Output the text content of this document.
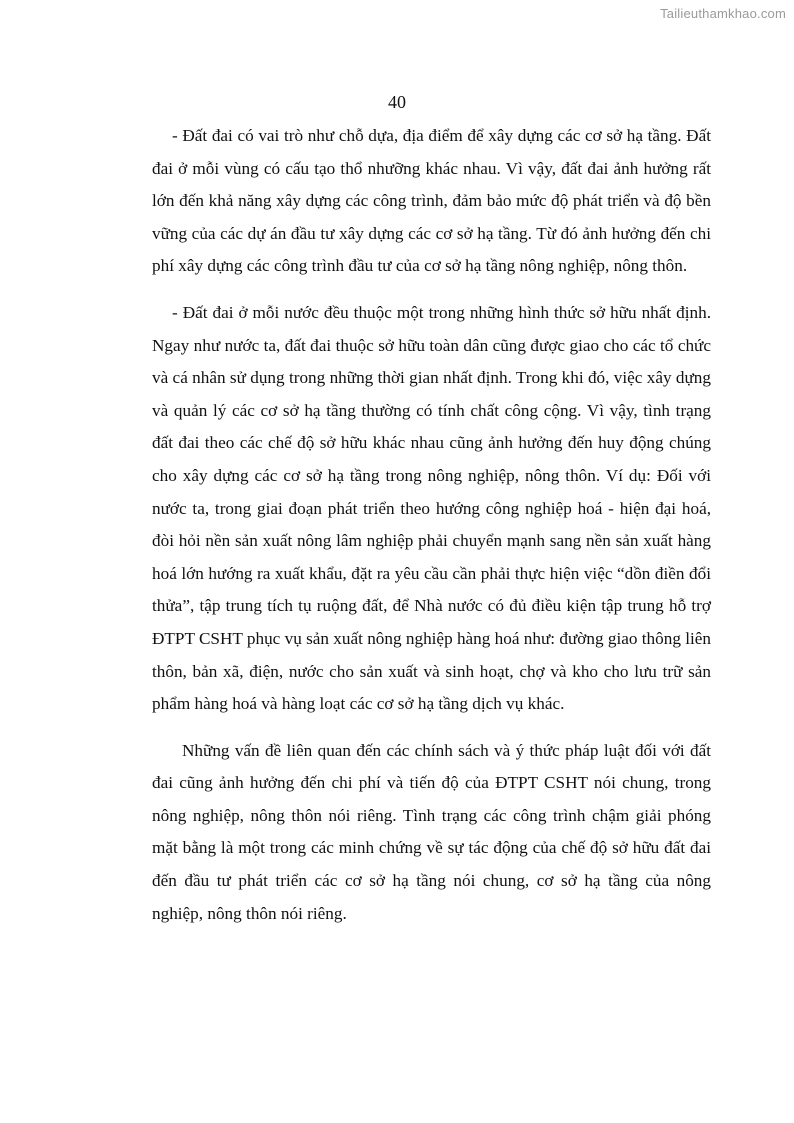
Tailieuthamkhao.com
40

- Đất đai có vai trò như chỗ dựa, địa điểm để xây dựng các cơ sở hạ tầng. Đất đai ở mỗi vùng có cấu tạo thổ nhưỡng khác nhau. Vì vậy, đất đai ảnh hưởng rất lớn đến khả năng xây dựng các công trình, đảm bảo mức độ phát triển và độ bền vững của các dự án đầu tư xây dựng các cơ sở hạ tầng. Từ đó ảnh hưởng đến chi phí xây dựng các công trình đầu tư của cơ sở hạ tầng nông nghiệp, nông thôn.

- Đất đai ở mỗi nước đều thuộc một trong những hình thức sở hữu nhất định. Ngay như nước ta, đất đai thuộc sở hữu toàn dân cũng được giao cho các tổ chức và cá nhân sử dụng trong những thời gian nhất định. Trong khi đó, việc xây dựng và quản lý các cơ sở hạ tầng thường có tính chất công cộng. Vì vậy, tình trạng đất đai theo các chế độ sở hữu khác nhau cũng ảnh hưởng đến huy động chúng cho xây dựng các cơ sở hạ tầng trong nông nghiệp, nông thôn. Ví dụ: Đối với nước ta, trong giai đoạn phát triển theo hướng công nghiệp hoá - hiện đại hoá, đòi hỏi nền sản xuất nông lâm nghiệp phải chuyển mạnh sang nền sản xuất hàng hoá lớn hướng ra xuất khẩu, đặt ra yêu cầu cần phải thực hiện việc “dồn điền đổi thửa”, tập trung tích tụ ruộng đất, để Nhà nước có đủ điều kiện tập trung hỗ trợ ĐTPT CSHT phục vụ sản xuất nông nghiệp hàng hoá như: đường giao thông liên thôn, bản xã, điện, nước cho sản xuất và sinh hoạt, chợ và kho cho lưu trữ sản phẩm hàng hoá và hàng loạt các cơ sở hạ tầng dịch vụ khác.

Những vấn đề liên quan đến các chính sách và ý thức pháp luật đối với đất đai cũng ảnh hưởng đến chi phí và tiến độ của ĐTPT CSHT nói chung, trong nông nghiệp, nông thôn nói riêng. Tình trạng các công trình chậm giải phóng mặt bằng là một trong các minh chứng về sự tác động của chế độ sở hữu đất đai đến đầu tư phát triển các cơ sở hạ tầng nói chung, cơ sở hạ tầng của nông nghiệp, nông thôn nói riêng.
